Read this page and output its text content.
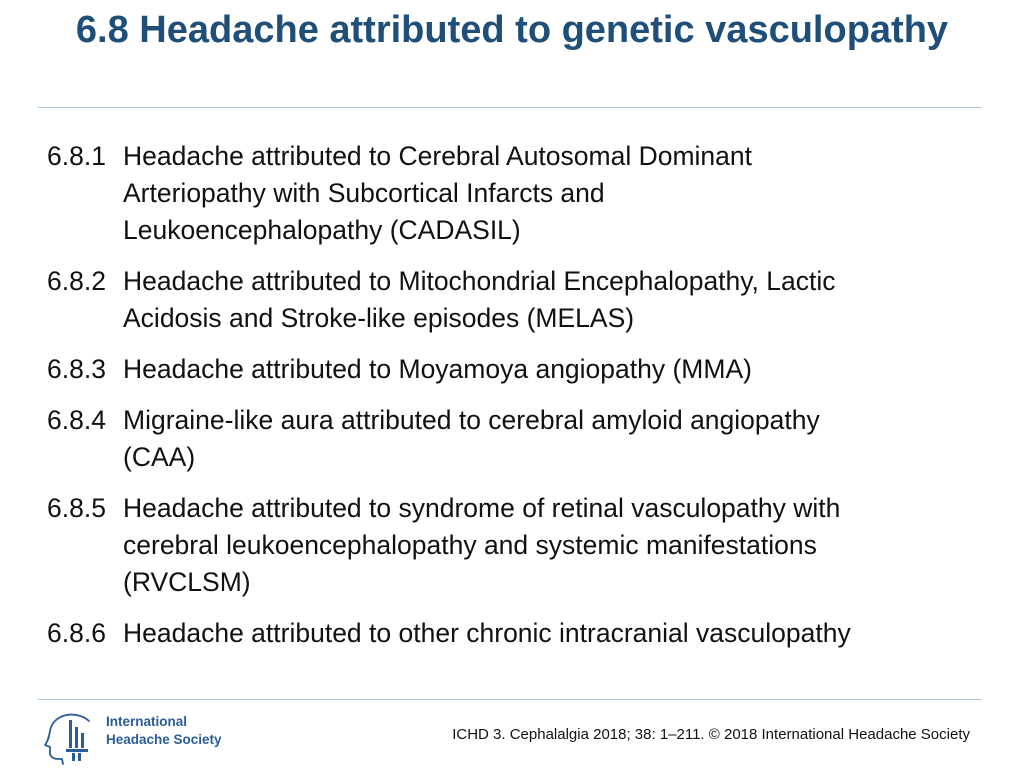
6.8 Headache attributed to genetic vasculopathy
6.8.1 Headache attributed to Cerebral Autosomal Dominant
Arteriopathy with Subcortical Infarcts and
Leukoencephalopathy (CADASIL)
6.8.2 Headache attributed to Mitochondrial Encephalopathy, Lactic
Acidosis and Stroke-like episodes (MELAS)
6.8.3 Headache attributed to Moyamoya angiopathy (MMA)
6.8.4 Migraine-like aura attributed to cerebral amyloid angiopathy
(CAA)
6.8.5 Headache attributed to syndrome of retinal vasculopathy with
cerebral leukoencephalopathy and systemic manifestations
(RVCLSM)
6.8.6 Headache attributed to other chronic intracranial vasculopathy
International
Headache Society	ICHD 3. Cephalalgia 2018; 38: 1–211. © 2018 International Headache Society
